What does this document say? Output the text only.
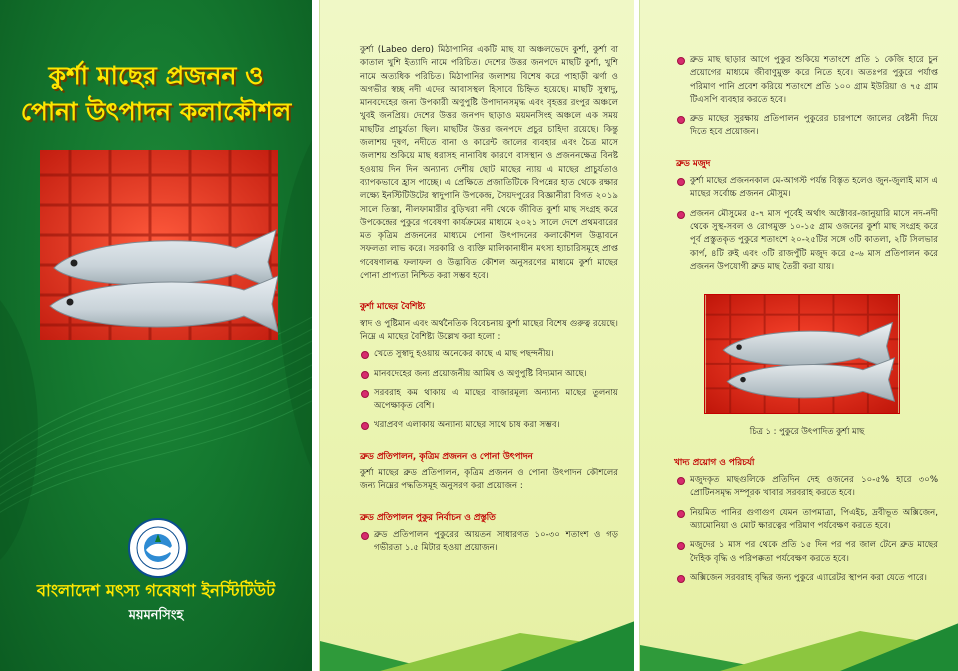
কুর্শা মাছের প্রজনন ও
পোনা উৎপাদন কলাকৌশল
বাংলাদেশ মৎস্য গবেষণা ইনস্টিটিউট
ময়মনসিংহ

কুর্শা (Labeo dero) মিঠাপানির একটি মাছ যা অঞ্চলভেদে কুর্শা, কুর্শা বা কাতাল খুশি ইত্যাদি নামে পরিচিত। দেশের উত্তর জনপদে মাছটি কুর্শা, খুশি নামে অত্যধিক পরিচিত। মিঠাপানির জলাশয় বিশেষ করে পাহাড়ী ঝর্ণা ও অগভীর স্বচ্ছ নদী এদের আবাসস্থল হিসাবে চিহ্নিত হয়েছে। মাছটি সুস্বাদু, মানবদেহের জন্য উপকারী অণুপুষ্টি উপাদানসমৃদ্ধ এবং বৃহত্তর রংপুর অঞ্চলে খুবই জনপ্রিয়। দেশের উত্তর জনপদ ছাড়াও ময়মনসিংহ অঞ্চলে এক সময় মাছটির প্রাচুর্যতা ছিল। মাছটির উত্তর জনপদে প্রচুর চাহিদা রয়েছে। কিন্তু জলাশয় দূষণ, নদীতে বানা ও কারেন্ট জালের ব্যবহার এবং চৈত্র মাসে জলাশয় শুকিয়ে মাছ ধরাসহ নানাবিধ কারণে বাসস্থান ও প্রজননক্ষেত্র বিনষ্ট হওয়ায় দিন দিন অন্যান্য দেশীয় ছোট মাছের ন্যায় এ মাছের প্রাচুর্যতাও ব্যাপকভাবে হ্রাস পাচ্ছে। এ প্রেক্ষিতে প্রজাতিটিকে বিপন্নের হাত থেকে রক্ষার লক্ষ্যে ইনস্টিটিউটের স্বাদুপানি উপকেন্দ্র, সৈয়দপুরের বিজ্ঞানীরা বিগত ২০১৯ সালে তিস্তা, নীলফামারীর বুড়িখরা নদী থেকে জীবিত কুর্শা মাছ সংগ্রহ করে উপকেন্দ্রের পুকুরে গবেষণা কার্যক্রমের মাধ্যমে ২০২১ সালে দেশে প্রথমবারের মত কৃত্রিম প্রজননের মাধ্যমে পোনা উৎপাদনের কলাকৌশল উদ্ভাবনে সফলতা লাভ করে। সরকারি ও ব্যক্তি মালিকানাধীন মৎস্য হ্যাচারিসমূহে প্রাপ্ত গবেষণালব্ধ ফলাফল ও উদ্ভাবিত কৌশল অনুসরণের মাধ্যমে কুর্শা মাছের পোনা প্রাপ্যতা নিশ্চিত করা সম্ভব হবে।

কুর্শা মাছের বৈশিষ্ট্য

স্বাদ ও পুষ্টিমান এবং অর্থনৈতিক বিবেচনায় কুর্শা মাছের বিশেষ গুরুত্ব রয়েছে। নিম্নে এ মাছের বৈশিষ্ট্য উল্লেখ করা হলো :

খেতে সুস্বাদু হওয়ায় অনেকের কাছে এ মাছ পছন্দনীয়।
মানবদেহের জন্য প্রয়োজনীয় আমিষ ও অণুপুষ্টি বিদ্যমান আছে।
সরবরাহ কম থাকায় এ মাছের বাজারমূল্য অন্যান্য মাছের তুলনায় অপেক্ষাকৃত বেশি।
খরাপ্রবণ এলাকায় অন্যান্য মাছের সাথে চাষ করা সম্ভব।
ব্রুড প্রতিপালন, কৃত্রিম প্রজনন ও পোনা উৎপাদন

কুর্শা মাছের ব্রুড প্রতিপালন, কৃত্রিম প্রজনন ও পোনা উৎপাদন কৌশলের জন্য নিম্নের পদ্ধতিসমূহ অনুসরণ করা প্রয়োজন :

ব্রুড প্রতিপালন পুকুর নির্বাচন ও প্রস্তুতি
ব্রুড প্রতিপালন পুকুরের আয়তন সাধারণত ১০-৩০ শতাংশ ও গড় গভীরতা ১.৫ মিটার হওয়া প্রয়োজন।
ব্রুড মাছ ছাড়ার আগে পুকুর শুকিয়ে শতাংশে প্রতি ১ কেজি হারে চুন প্রয়োগের মাধ্যমে জীবাণুমুক্ত করে নিতে হবে। অতঃপর পুকুরে পর্যাপ্ত পরিমাণ পানি প্রবেশ করিয়ে শতাংশে প্রতি ১০০ গ্রাম ইউরিয়া ও ৭৫ গ্রাম টিএসপি ব্যবহার করতে হবে।
ব্রুড মাছের সুরক্ষায় প্রতিপালন পুকুরের চারপাশে জালের বেষ্টনী দিয়ে দিতে হবে প্রয়োজন।
ব্রুড মজুদ
কুর্শা মাছের প্রজননকাল মে-আগস্ট পর্যন্ত বিস্তৃত হলেও জুন-জুলাই মাস এ মাছের সর্বোচ্চ প্রজনন মৌসুম।
প্রজনন মৌসুমের ৫-৭ মাস পূর্বেই অর্থাৎ অক্টোবর-জানুয়ারি মাসে নদ-নদী থেকে সুস্থ-সবল ও রোগমুক্ত ১০-১৫ গ্রাম ওজনের কুর্শা মাছ সংগ্রহ করে পূর্ব প্রস্তুতকৃত পুকুরে শতাংশে ২০-২৫টির সঙ্গে ৩টি কাতলা, ২টি সিলভার কার্প, ৪টি রুই এবং ৩টি রাজপুঁটি মজুদ করে ৫-৬ মাস প্রতিপালন করে প্রজনন উপযোগী ব্রুড মাছ তৈরী করা যায়।
চিত্র ১ : পুকুরে উৎপাদিত কুর্শা মাছ
খাদ্য প্রয়োগ ও পরিচর্যা
মজুদকৃত মাছগুলিকে প্রতিদিন দেহ ওজনের ১০-৫% হারে ৩০% প্রোটিনসমৃদ্ধ সম্পূরক খাবার সরবরাহ করতে হবে।
নিয়মিত পানির গুণাগুণ যেমন তাপমাত্রা, পিএইচ, দ্রবীভূত অক্সিজেন, অ্যামোনিয়া ও মোট ক্ষারত্বের পরিমাণ পর্যবেক্ষণ করতে হবে।
মজুদের ১ মাস পর থেকে প্রতি ১৫ দিন পর পর জাল টেনে ব্রুড মাছের দৈহিক বৃদ্ধি ও পরিপক্কতা পর্যবেক্ষণ করতে হবে।
অক্সিজেন সরবরাহ বৃদ্ধির জন্য পুকুরে এ্যারেটর স্থাপন করা যেতে পারে।
